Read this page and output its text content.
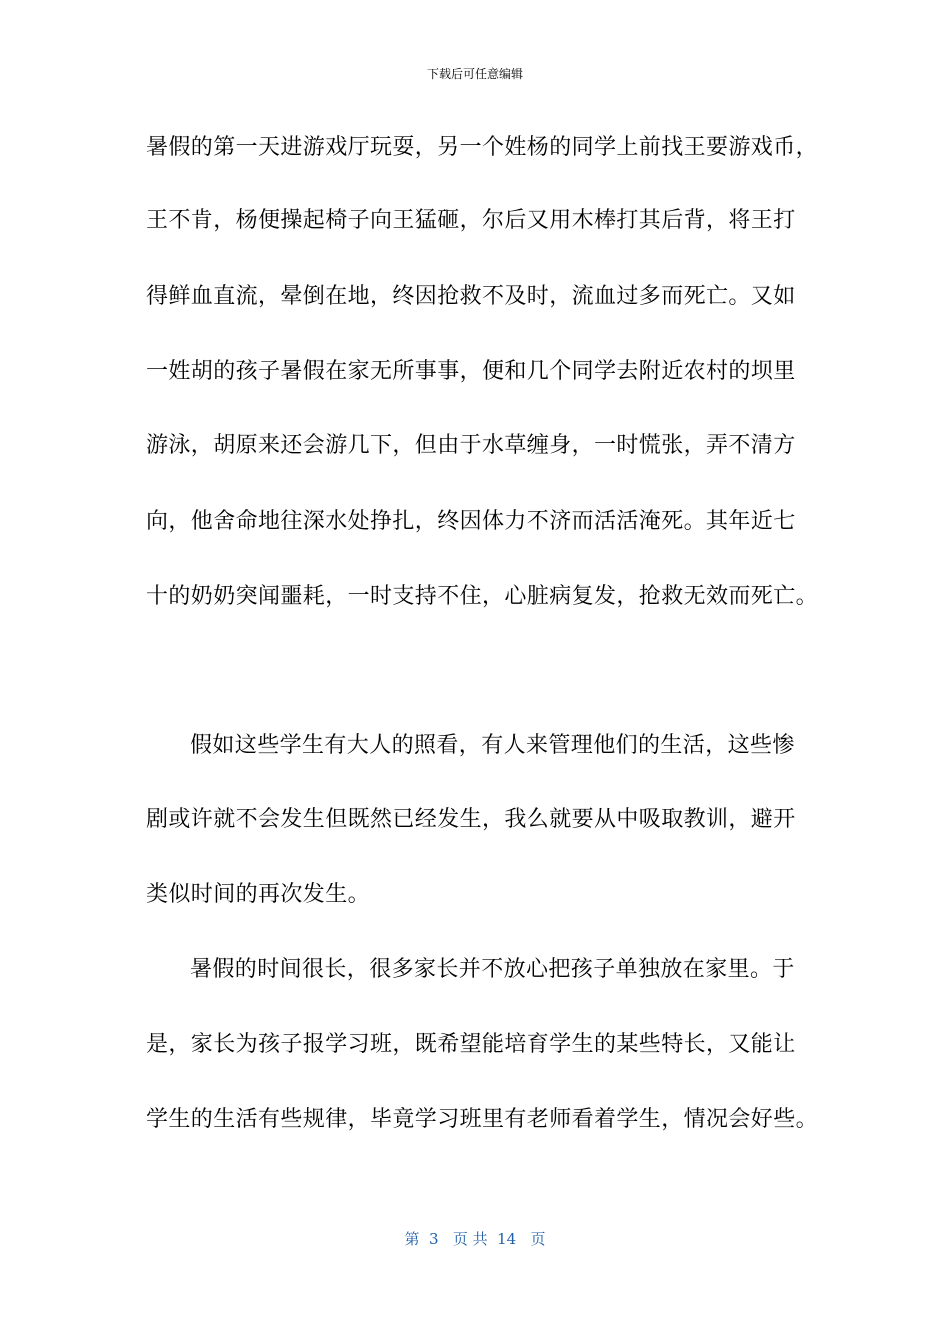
下载后可任意编辑
暑假的第一天进游戏厅玩耍，另一个姓杨的同学上前找王要游戏币，
王不肯，杨便操起椅子向王猛砸，尔后又用木棒打其后背，将王打
得鲜血直流，晕倒在地，终因抢救不及时，流血过多而死亡。又如
一姓胡的孩子暑假在家无所事事，便和几个同学去附近农村的坝里
游泳，胡原来还会游几下，但由于水草缠身，一时慌张，弄不清方
向，他舍命地往深水处挣扎，终因体力不济而活活淹死。其年近七
十的奶奶突闻噩耗，一时支持不住，心脏病复发，抢救无效而死亡。
假如这些学生有大人的照看，有人来管理他们的生活，这些惨
剧或许就不会发生但既然已经发生，我么就要从中吸取教训，避开
类似时间的再次发生。
暑假的时间很长，很多家长并不放心把孩子单独放在家里。于
是，家长为孩子报学习班，既希望能培育学生的某些特长，又能让
学生的生活有些规律，毕竟学习班里有老师看着学生，情况会好些。
第  3   页 共  14   页
